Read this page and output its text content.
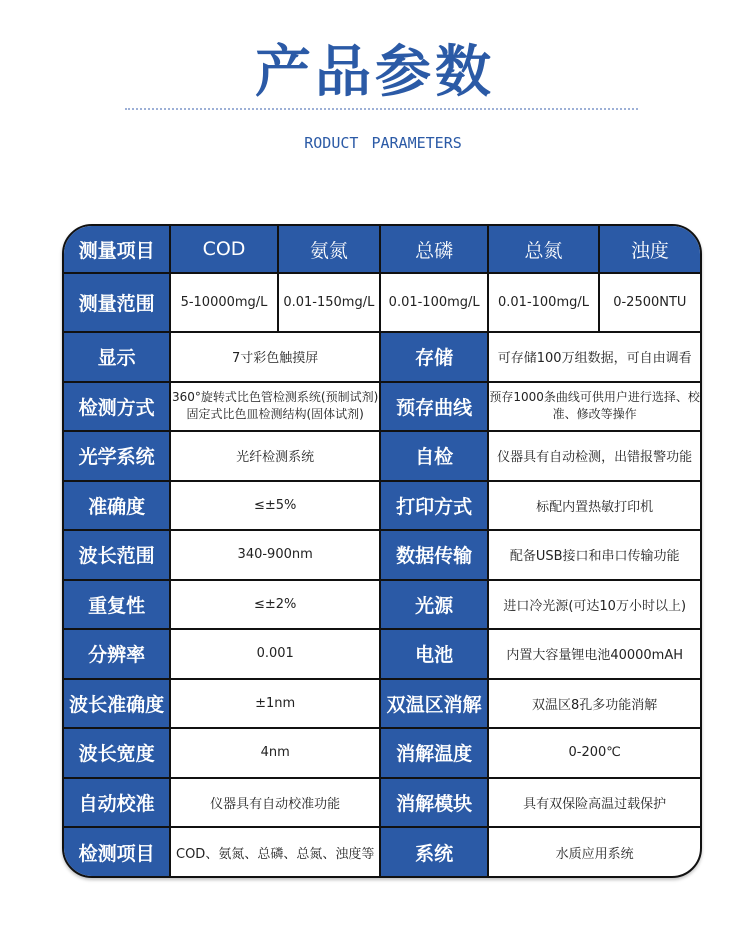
产品参数
RODUCT PARAMETERS
测量项目	COD	氨氮	总磷	总氮	浊度
测量范围	5-10000mg/L	0.01-150mg/L	0.01-100mg/L	0.01-100mg/L	0-2500NTU
显示	7寸彩色触摸屏	存储	可存储100万组数据，可自由调看
检测方式	360°旋转式比色管检测系统(预制试剂) 固定式比色皿检测结构(固体试剂)	预存曲线	预存1000条曲线可供用户进行选择、校准、修改等操作
光学系统	光纤检测系统	自检	仪器具有自动检测，出错报警功能
准确度	≤±5%	打印方式	标配内置热敏打印机
波长范围	340-900nm	数据传输	配备USB接口和串口传输功能
重复性	≤±2%	光源	进口冷光源(可达10万小时以上)
分辨率	0.001	电池	内置大容量锂电池40000mAH
波长准确度	±1nm	双温区消解	双温区8孔多功能消解
波长宽度	4nm	消解温度	0-200℃
自动校准	仪器具有自动校准功能	消解模块	具有双保险高温过载保护
检测项目	COD、氨氮、总磷、总氮、浊度等	系统	水质应用系统
